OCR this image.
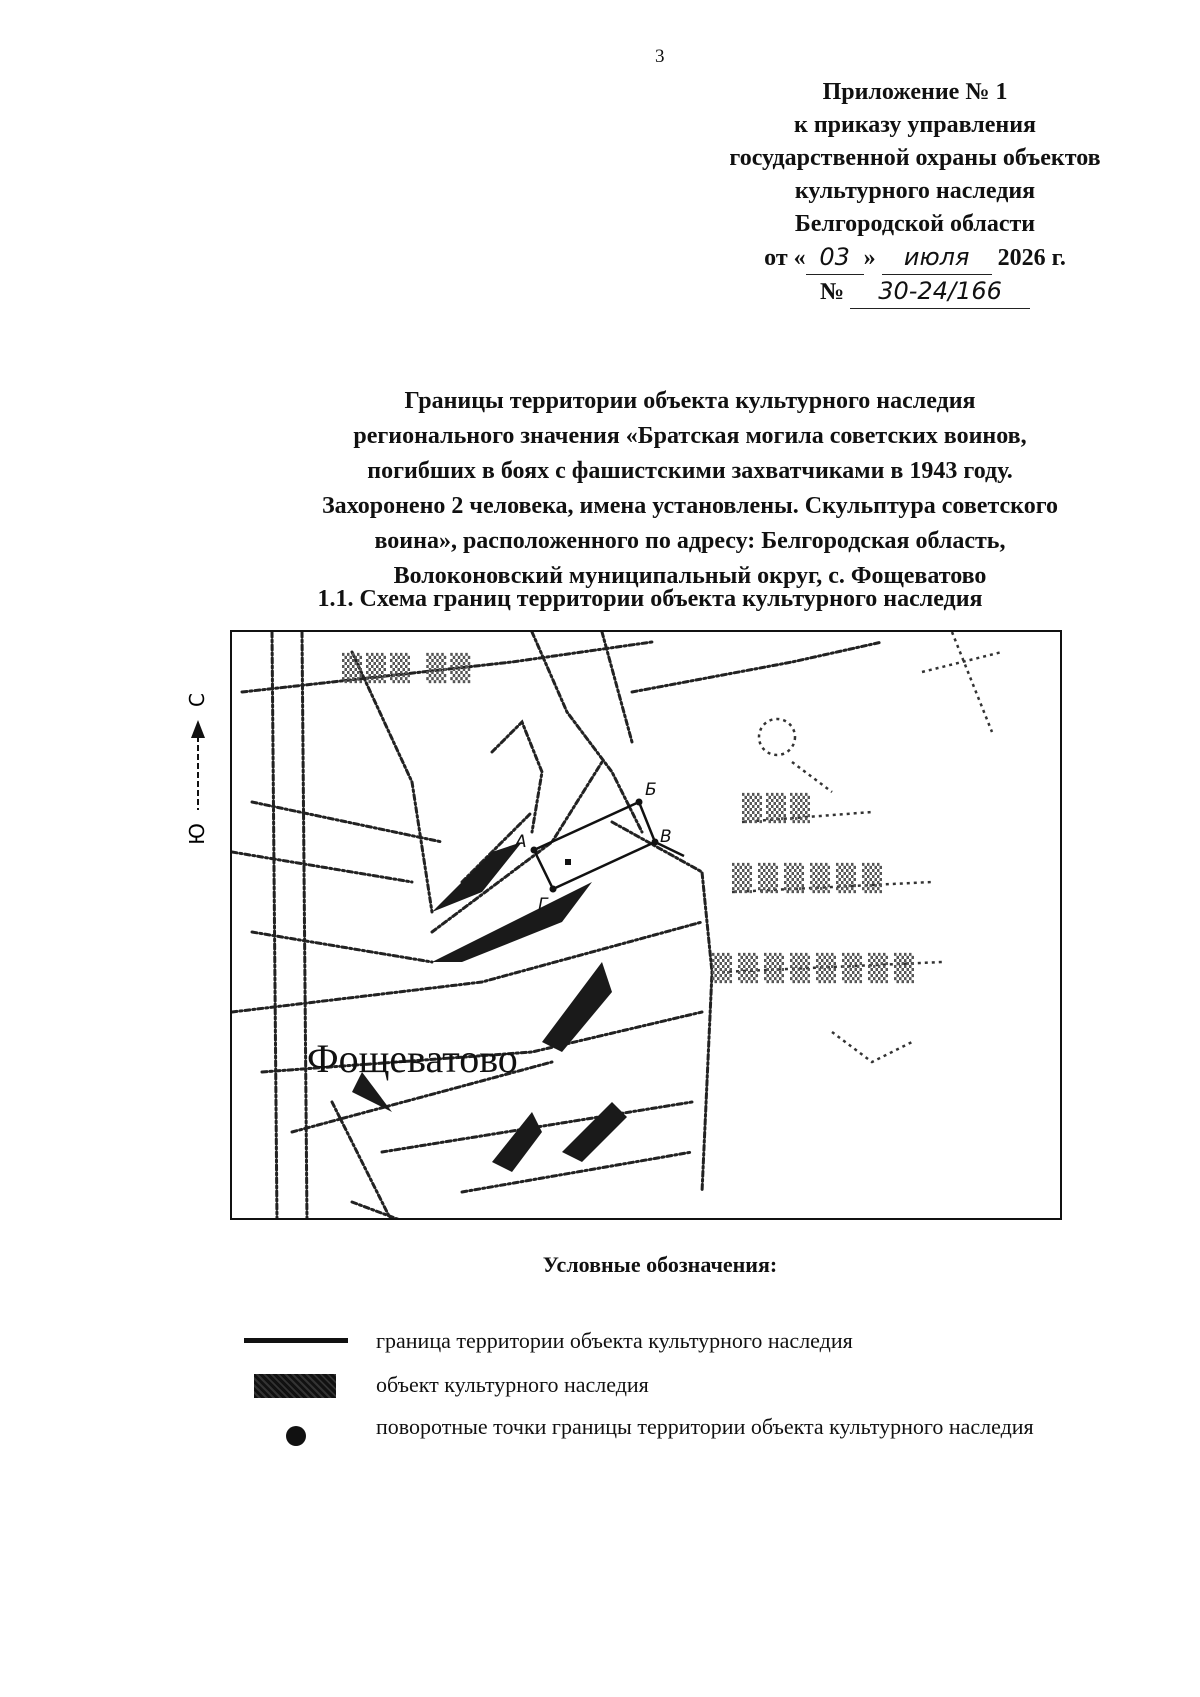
3
Приложение № 1
к приказу управления
государственной охраны объектов
культурного наследия
Белгородской области
от « 03 » июля 2026 г.
№ 30-24/166
Границы территории объекта культурного наследия
регионального значения «Братская могила советских воинов,
погибших в боях с фашистскими захватчиками в 1943 году.
Захоронено 2 человека, имена установлены. Скульптура советского
воина», расположенного по адресу: Белгородская область,
Волоконовский муниципальный округ, с. Фощеватово
1.1. Схема границ территории объекта культурного наследия
С
Ю
▒▒▒ ▒▒
▒▒▒
▒▒▒▒▒▒
▒▒▒▒▒▒▒▒
А
Б
В
Г
Фощеватово
Условные обозначения:
граница территории объекта культурного наследия
объект культурного наследия
поворотные точки границы территории объекта культурного наследия
